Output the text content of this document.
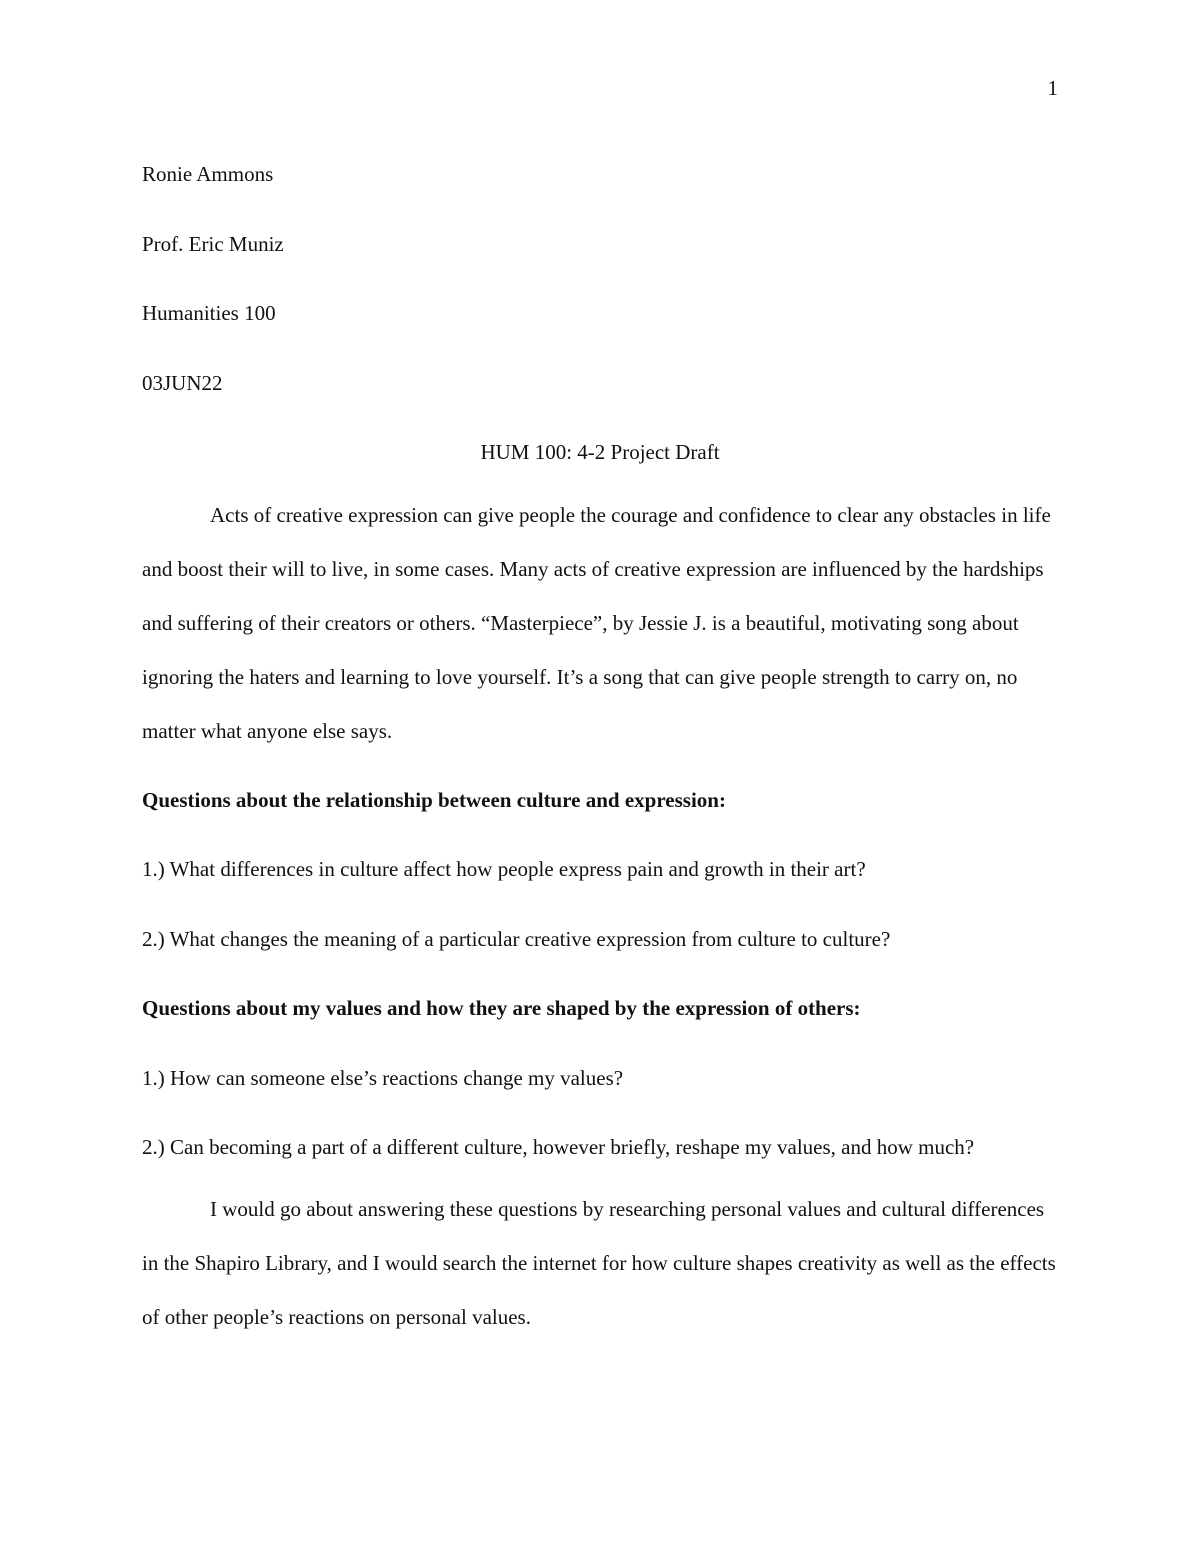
1

Ronie Ammons

Prof. Eric Muniz

Humanities 100

03JUN22

HUM 100: 4-2 Project Draft

Acts of creative expression can give people the courage and confidence to clear any obstacles in life and boost their will to live, in some cases. Many acts of creative expression are influenced by the hardships and suffering of their creators or others. “Masterpiece”, by Jessie J. is a beautiful, motivating song about ignoring the haters and learning to love yourself. It’s a song that can give people strength to carry on, no matter what anyone else says.

Questions about the relationship between culture and expression:

1.) What differences in culture affect how people express pain and growth in their art?

2.) What changes the meaning of a particular creative expression from culture to culture?

Questions about my values and how they are shaped by the expression of others:

1.) How can someone else’s reactions change my values?

2.) Can becoming a part of a different culture, however briefly, reshape my values, and how much?

I would go about answering these questions by researching personal values and cultural differences in the Shapiro Library, and I would search the internet for how culture shapes creativity as well as the effects of other people’s reactions on personal values.
